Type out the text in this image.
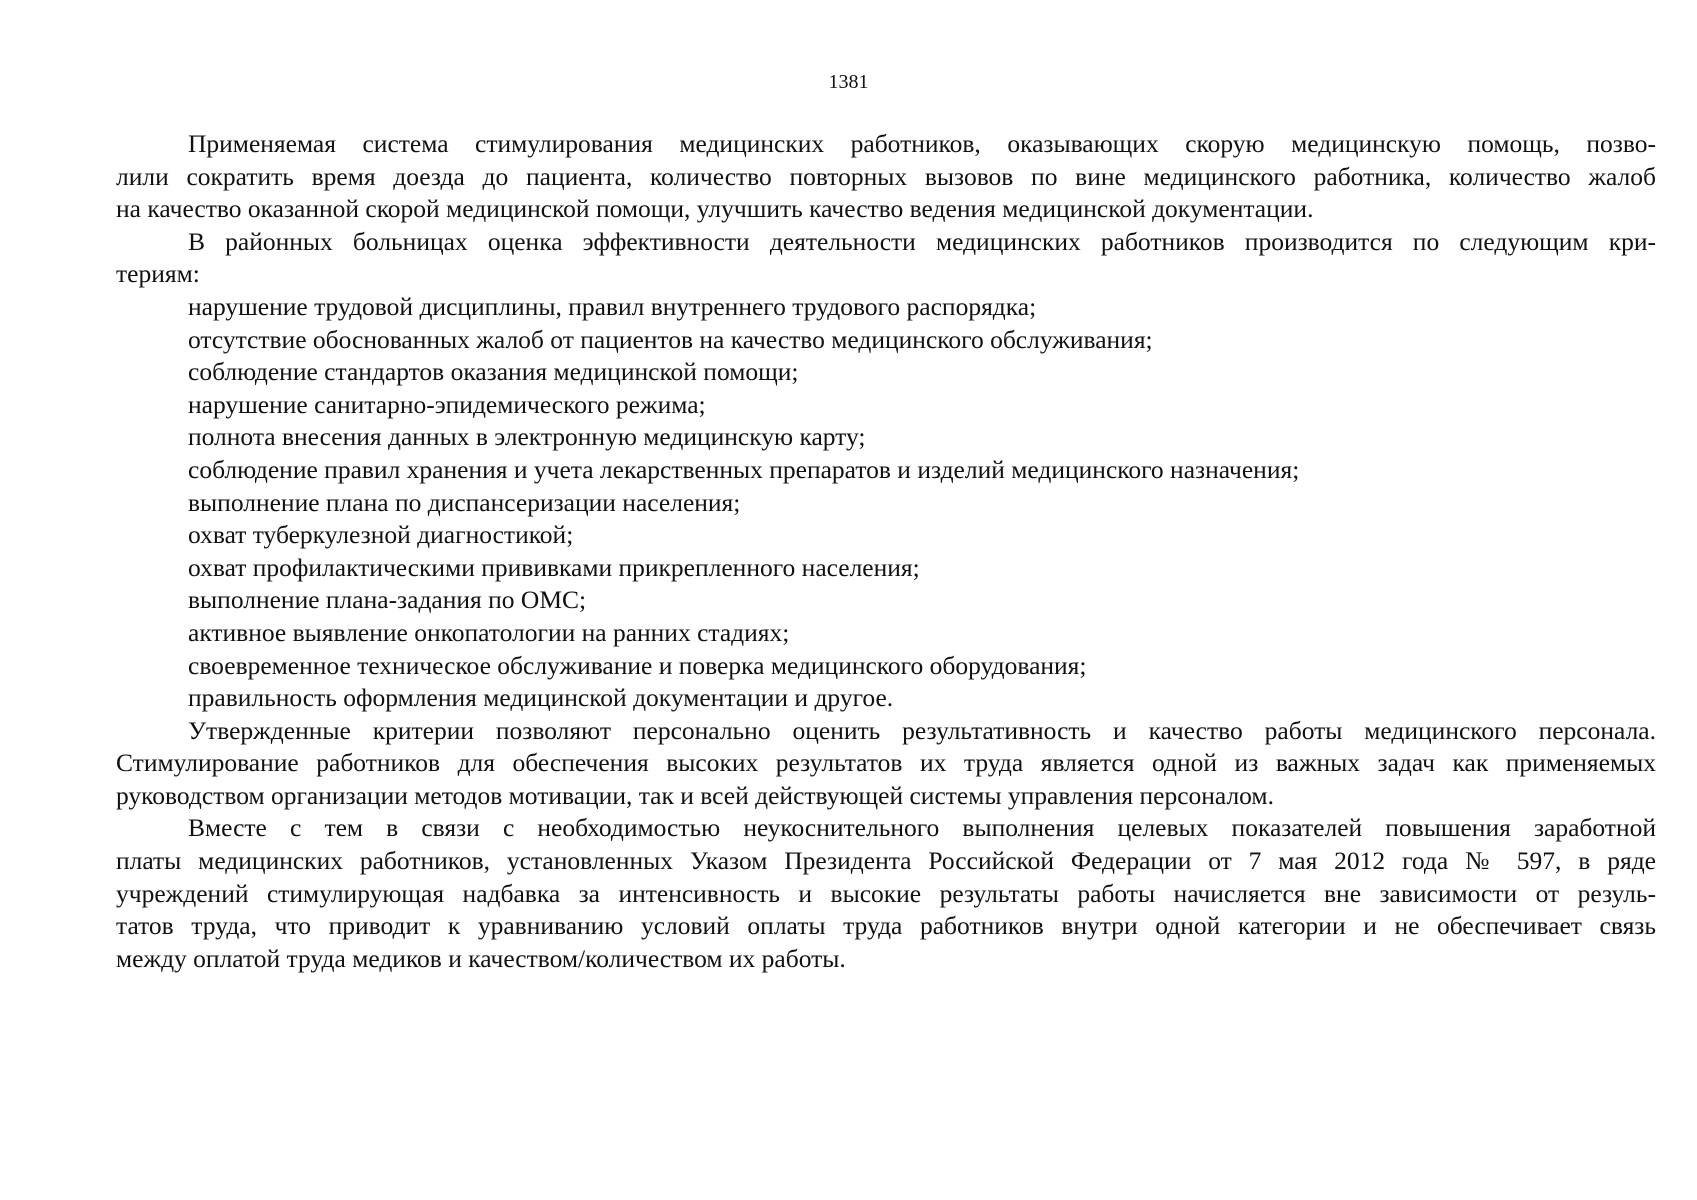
1381
Применяемая система стимулирования медицинских работников, оказывающих скорую медицинскую помощь, позво-
лили сократить время доезда до пациента, количество повторных вызовов по вине медицинского работника, количество жалоб
на качество оказанной скорой медицинской помощи, улучшить качество ведения медицинской документации.
В районных больницах оценка эффективности деятельности медицинских работников производится по следующим кри-
териям:
нарушение трудовой дисциплины, правил внутреннего трудового распорядка;
отсутствие обоснованных жалоб от пациентов на качество медицинского обслуживания;
соблюдение стандартов оказания медицинской помощи;
нарушение санитарно-эпидемического режима;
полнота внесения данных в электронную медицинскую карту;
соблюдение правил хранения и учета лекарственных препаратов и изделий медицинского назначения;
выполнение плана по диспансеризации населения;
охват туберкулезной диагностикой;
охват профилактическими прививками прикрепленного населения;
выполнение плана-задания по ОМС;
активное выявление онкопатологии на ранних стадиях;
своевременное техническое обслуживание и поверка медицинского оборудования;
правильность оформления медицинской документации и другое.
Утвержденные критерии позволяют персонально оценить результативность и качество работы медицинского персонала.
Стимулирование работников для обеспечения высоких результатов их труда является одной из важных задач как применяемых
руководством организации методов мотивации, так и всей действующей системы управления персоналом.
Вместе с тем в связи с необходимостью неукоснительного выполнения целевых показателей повышения заработной
платы медицинских работников, установленных Указом Президента Российской Федерации от 7 мая 2012 года № 597, в ряде
учреждений стимулирующая надбавка за интенсивность и высокие результаты работы начисляется вне зависимости от резуль-
татов труда, что приводит к уравниванию условий оплаты труда работников внутри одной категории и не обеспечивает связь
между оплатой труда медиков и качеством/количеством их работы.
